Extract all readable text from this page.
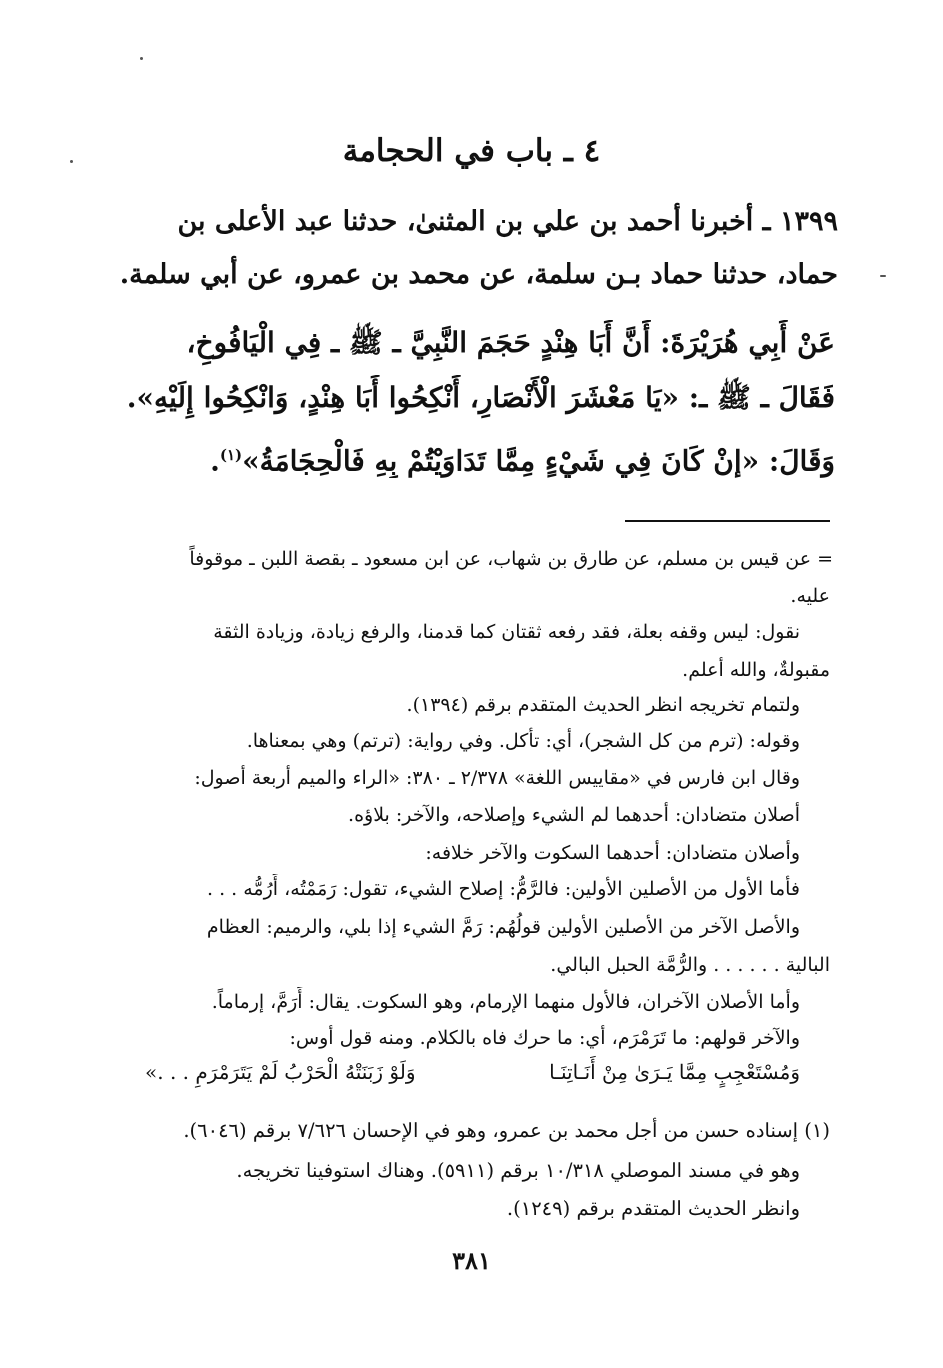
٤ ـ باب في الحجامة
١٣٩٩ ـ أخبرنا أحمد بن علي بن المثنىٰ، حدثنا عبد الأعلى بن
حماد، حدثنا حماد بـن سلمة، عن محمد بن عمرو، عن أبي سلمة.
عَنْ أَبِي هُرَيْرَةَ: أَنَّ أَبَا هِنْدٍ حَجَمَ النَّبِيَّ ـ ﷺ ـ فِي الْيَافُوخِ،
فَقَالَ ـ ﷺ ـ: «يَا مَعْشَرَ الْأَنْصَارِ، أَنْكِحُوا أَبَا هِنْدٍ، وَانْكِحُوا إِلَيْهِ».
وَقَالَ: «إِنْ كَانَ فِي شَيْءٍ مِمَّا تَدَاوَيْتُمْ بِهِ فَالْحِجَامَةُ»$^{(١)}$.
= عن قيس بن مسلم، عن طارق بن شهاب، عن ابن مسعود ـ بقصة اللبن ـ موقوفاً
عليه.
نقول: ليس وقفه بعلة، فقد رفعه ثقتان كما قدمنا، والرفع زيادة، وزيادة الثقة
مقبولةٌ، والله أعلم.
ولتمام تخريجه انظر الحديث المتقدم برقم (١٣٩٤).
وقوله: (ترم من كل الشجر)، أي: تأكل. وفي رواية: (ترتم) وهي بمعناها.
وقال ابن فارس في «مقاييس اللغة» ٢/٣٧٨ ـ ٣٨٠: «الراء والميم أربعة أصول:
أصلان متضادان: أحدهما لم الشيء وإصلاحه، والآخر: بلاؤه.
وأصلان متضادان: أحدهما السكوت والآخر خلافه:
فأما الأول من الأصلين الأولين: فالرَّمُّ: إصلاح الشيء، تقول: رَمَمْتُه، أَرُمُّه . . .
والأصل الآخر من الأصلين الأولين قولُهُم: رَمَّ الشيء إذا بلي، والرميم: العظام
البالية . . . . . . والرُّمَّة الحبل البالي.
وأما الأصلان الآخران، فالأول منهما الإرمام، وهو السكوت. يقال: أَرَمَّ، إرماماً.
والآخر قولهم: ما تَرَمْرَم، أي: ما حرك فاه بالكلام. ومنه قول أوس:
وَمُسْتَعْجِبٍ مِمَّا يَـرَىٰ مِنْ أَنَـاتِنَـا
وَلَوْ زَبَنَتْهُ الْحَرْبُ لَمْ يَتَرَمْرَمِ . . .»
(١) إسناده حسن من أجل محمد بن عمرو، وهو في الإحسان ٧/٦٢٦ برقم (٦٠٤٦).
وهو في مسند الموصلي ١٠/٣١٨ برقم (٥٩١١). وهناك استوفينا تخريجه.
وانظر الحديث المتقدم برقم (١٢٤٩).
٣٨١
